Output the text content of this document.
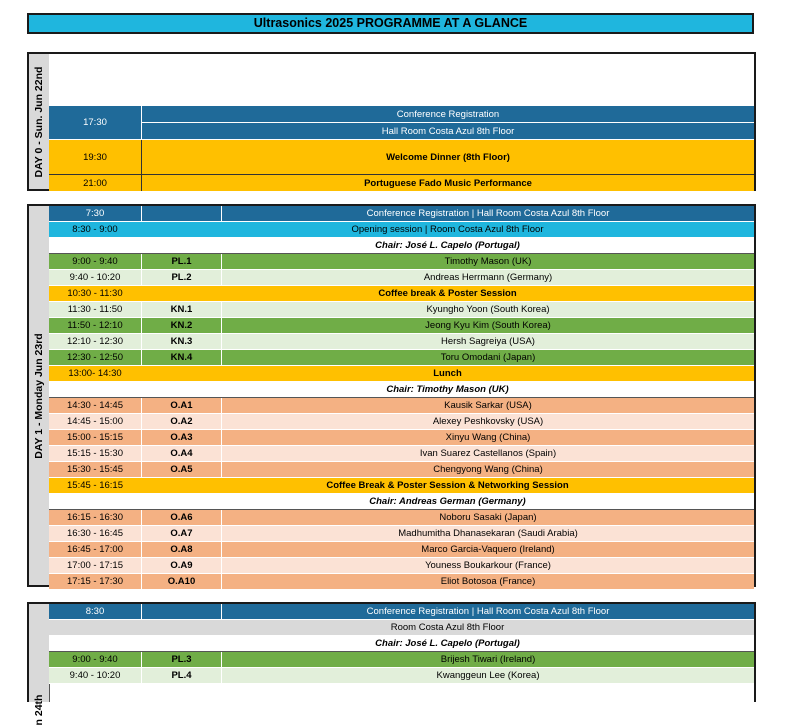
Ultrasonics 2025 PROGRAMME AT A GLANCE
DAY 0 - Sun. Jun 22nd	17:30
Conference Registration
Hall Room Costa Azul 8th Floor
19:30	Welcome Dinner (8th Floor)
21:00	Portuguese Fado Music Performance
DAY 1 - Monday Jun 23rd
7:30	Conference Registration | Hall Room Costa Azul 8th Floor
8:30 - 9:00	Opening session | Room Costa Azul 8th Floor
Chair: José L. Capelo (Portugal)
9:00 - 9:40	PL.1	Timothy Mason (UK)
9:40 - 10:20	PL.2	Andreas Herrmann (Germany)
10:30 - 11:30	Coffee break & Poster Session
11:30 - 11:50	KN.1	Kyungho Yoon (South Korea)
11:50 - 12:10	KN.2	Jeong Kyu Kim (South Korea)
12:10 - 12:30	KN.3	Hersh Sagreiya (USA)
12:30 - 12:50	KN.4	Toru Omodani (Japan)
13:00- 14:30	Lunch
Chair: Timothy Mason (UK)
14:30 - 14:45	O.A1	Kausik Sarkar (USA)
14:45 - 15:00	O.A2	Alexey Peshkovsky (USA)
15:00 - 15:15	O.A3	Xinyu Wang (China)
15:15 - 15:30	O.A4	Ivan Suarez Castellanos (Spain)
15:30 - 15:45	O.A5	Chengyong Wang (China)
15:45 - 16:15	Coffee Break & Poster Session & Networking Session
Chair: Andreas German (Germany)
16:15 - 16:30	O.A6	Noboru Sasaki (Japan)
16:30 - 16:45	O.A7	Madhumitha Dhanasekaran (Saudi Arabia)
16:45 - 17:00	O.A8	Marco Garcia-Vaquero (Ireland)
17:00 - 17:15	O.A9	Youness Boukarkour (France)
17:15 - 17:30	O.A10	Eliot Botosoa (France)
n 24th
8:30	Conference Registration | Hall Room Costa Azul 8th Floor
Room Costa Azul 8th Floor
Chair: José L. Capelo (Portugal)
9:00 - 9:40	PL.3	Brijesh Tiwari (Ireland)
9:40 - 10:20	PL.4	Kwanggeun Lee (Korea)
